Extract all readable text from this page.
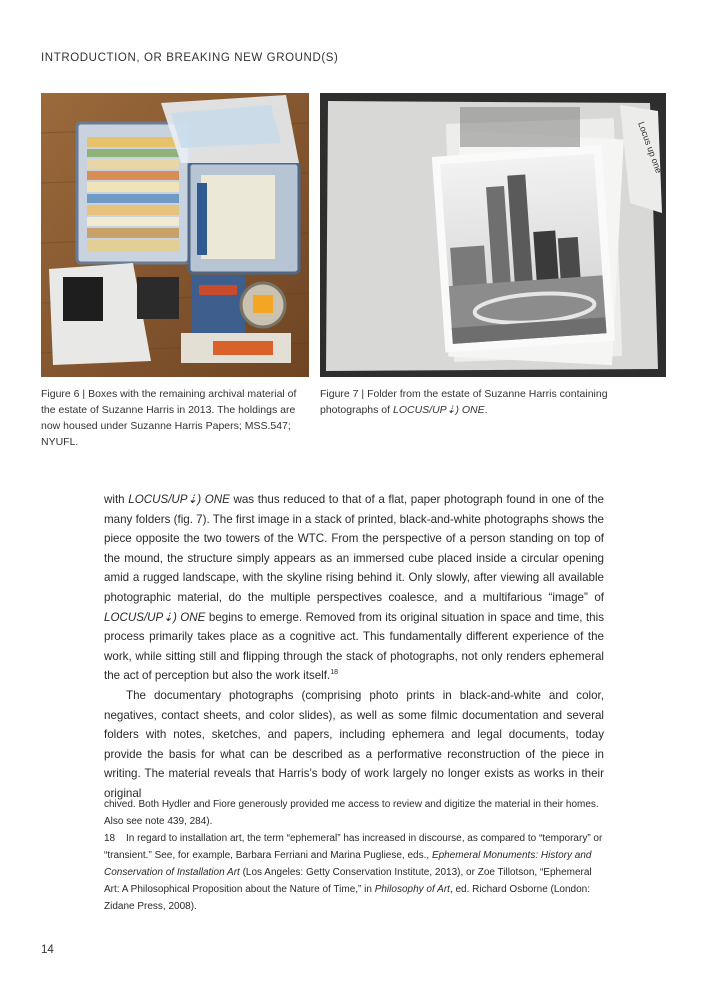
INTRODUCTION, OR BREAKING NEW GROUND(S)
Locus up one
Figure 6 | Boxes with the remaining archival material of the estate of Suzanne Harris in 2013. The holdings are now housed under Suzanne Harris Papers; MSS.547; NYUFL.
Figure 7 | Folder from the estate of Suzanne Harris containing photographs of LOCUS/UP⇣) ONE.

with LOCUS/UP⇣) ONE was thus reduced to that of a flat, paper photograph found in one of the many folders (fig. 7). The first image in a stack of printed, black-and-white photographs shows the piece opposite the two towers of the WTC. From the perspective of a person standing on top of the mound, the structure simply appears as an immersed cube placed inside a circular opening amid a rugged landscape, with the skyline rising behind it. Only slowly, after viewing all available photographic material, do the multiple perspectives coalesce, and a multifarious “image” of LOCUS/UP⇣) ONE begins to emerge. Removed from its original situation in space and time, this process primarily takes place as a cognitive act. This fundamentally different experience of the work, while sitting still and flipping through the stack of photographs, not only renders ephemeral the act of perception but also the work itself.$^{18}$

The documentary photographs (comprising photo prints in black-and-white and color, negatives, contact sheets, and color slides), as well as some filmic documentation and several folders with notes, sketches, and papers, including ephemera and legal documents, today provide the basis for what can be described as a performative reconstruction of the piece in writing. The material reveals that Harris’s body of work largely no longer exists as works in their original

chived. Both Hydler and Fiore generously provided me access to review and digitize the material in their homes. Also see note 439, 284).

18 In regard to installation art, the term “ephemeral” has increased in discourse, as compared to “temporary” or “transient.” See, for example, Barbara Ferriani and Marina Pugliese, eds., Ephemeral Monuments: History and Conservation of Installation Art (Los Angeles: Getty Conservation Institute, 2013), or Zoe Tillotson, “Ephemeral Art: A Philosophical Proposition about the Nature of Time,” in Philosophy of Art, ed. Richard Osborne (London: Zidane Press, 2008).

14
